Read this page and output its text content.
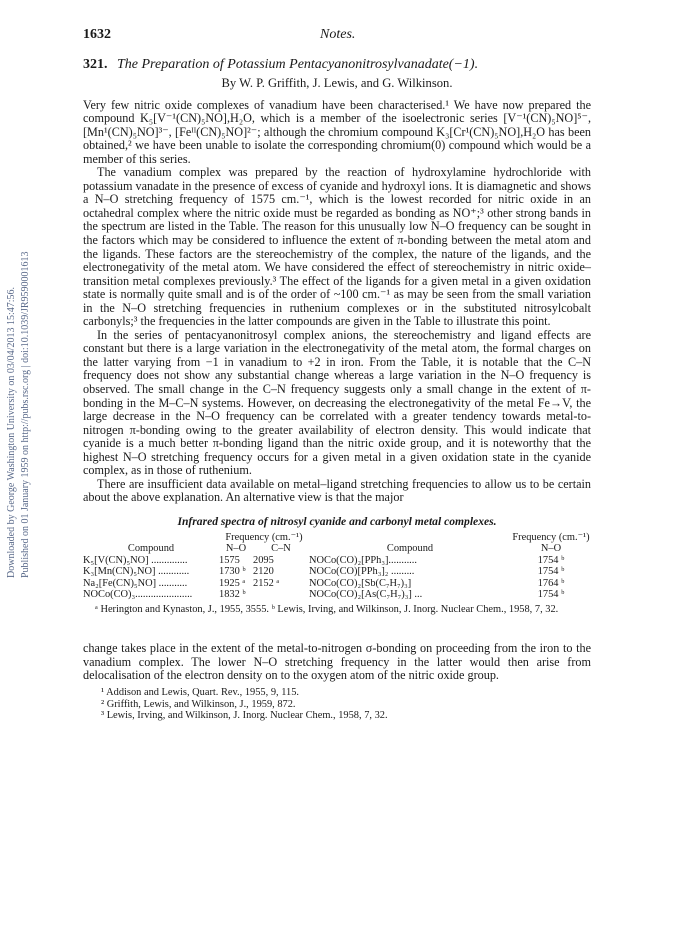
Downloaded by George Washington University on 03/04/2013 15:47:56. Published on 01 January 1959 on http://pubs.rsc.org | doi:10.1039/JR9590001613
1632	Notes.
321. The Preparation of Potassium Pentacyanonitrosylvanadate(−1).
By W. P. Griffith, J. Lewis, and G. Wilkinson.

Very few nitric oxide complexes of vanadium have been characterised.¹ We have now prepared the compound K₅[V⁻¹(CN)₅NO],H₂O, which is a member of the isoelectronic series [V⁻¹(CN)₅NO]⁵⁻, [Mn¹(CN)₅NO]³⁻, [Feᴵᴵ(CN)₅NO]²⁻; although the chromium compound K₃[Cr¹(CN)₅NO],H₂O has been obtained,² we have been unable to isolate the corresponding chromium(0) compound which would be a member of this series.

The vanadium complex was prepared by the reaction of hydroxylamine hydrochloride with potassium vanadate in the presence of excess of cyanide and hydroxyl ions. It is diamagnetic and shows a N–O stretching frequency of 1575 cm.⁻¹, which is the lowest recorded for nitric oxide in an octahedral complex where the nitric oxide must be regarded as bonding as NO⁺;³ other strong bands in the spectrum are listed in the Table. The reason for this unusually low N–O frequency can be sought in the factors which may be considered to influence the extent of π-bonding between the metal atom and the ligands. These factors are the stereochemistry of the complex, the nature of the ligands, and the electronegativity of the metal atom. We have considered the effect of stereochemistry in nitric oxide–transition metal complexes previously.³ The effect of the ligands for a given metal in a given oxidation state is normally quite small and is of the order of ~100 cm.⁻¹ as may be seen from the small variation in the N–O stretching frequencies in ruthenium complexes or in the substituted nitrosylcobalt carbonyls;³ the frequencies in the latter compounds are given in the Table to illustrate this point.

In the series of pentacyanonitrosyl complex anions, the stereochemistry and ligand effects are constant but there is a large variation in the electronegativity of the metal atom, the formal charges on the latter varying from −1 in vanadium to +2 in iron. From the Table, it is notable that the C–N frequency does not show any substantial change whereas a large variation in the N–O frequency is observed. The small change in the C–N frequency suggests only a small change in the extent of π-bonding in the M–C–N systems. However, on decreasing the electronegativity of the metal Fe→V, the large decrease in the N–O frequency can be correlated with a greater tendency towards metal-to-nitrogen π-bonding owing to the greater availability of electron density. This would indicate that cyanide is a much better π-bonding ligand than the nitric oxide group, and it is noteworthy that the highest N–O stretching frequency occurs for a given metal in a given oxidation state in the cyanide complex, as in those of ruthenium.

There are insufficient data available on metal–ligand stretching frequencies to allow us to be certain about the above explanation. An alternative view is that the major

Infrared spectra of nitrosyl cyanide and carbonyl metal complexes.
	Frequency (cm.⁻¹)			Frequency (cm.⁻¹)
Compound	N–O	C–N	Compound	N–O
K₅[V(CN)₅NO] ..............	1575	2095	NOCo(CO)₂[PPh₃]...........	1754 ᵇ
K₃[Mn(CN)₅NO] ............	1730 ᵇ	2120	NOCo(CO)[PPh₃]₂ .........	1754 ᵇ
Na₂[Fe(CN)₅NO] ...........	1925 ᵃ	2152 ᵃ	NOCo(CO)₂[Sb(C₇H₇)₃]	1764 ᵇ
NOCo(CO)₃......................	1832 ᵇ		NOCo(CO)₂[As(C₇H₇)₃] ...	1754 ᵇ
ᵃ Herington and Kynaston, J., 1955, 3555. ᵇ Lewis, Irving, and Wilkinson, J. Inorg. Nuclear Chem., 1958, 7, 32.

change takes place in the extent of the metal-to-nitrogen σ-bonding on proceeding from the iron to the vanadium complex. The lower N–O stretching frequency in the latter would then arise from delocalisation of the electron density on to the oxygen atom of the nitric oxide group.

¹ Addison and Lewis, Quart. Rev., 1955, 9, 115.
² Griffith, Lewis, and Wilkinson, J., 1959, 872.
³ Lewis, Irving, and Wilkinson, J. Inorg. Nuclear Chem., 1958, 7, 32.
